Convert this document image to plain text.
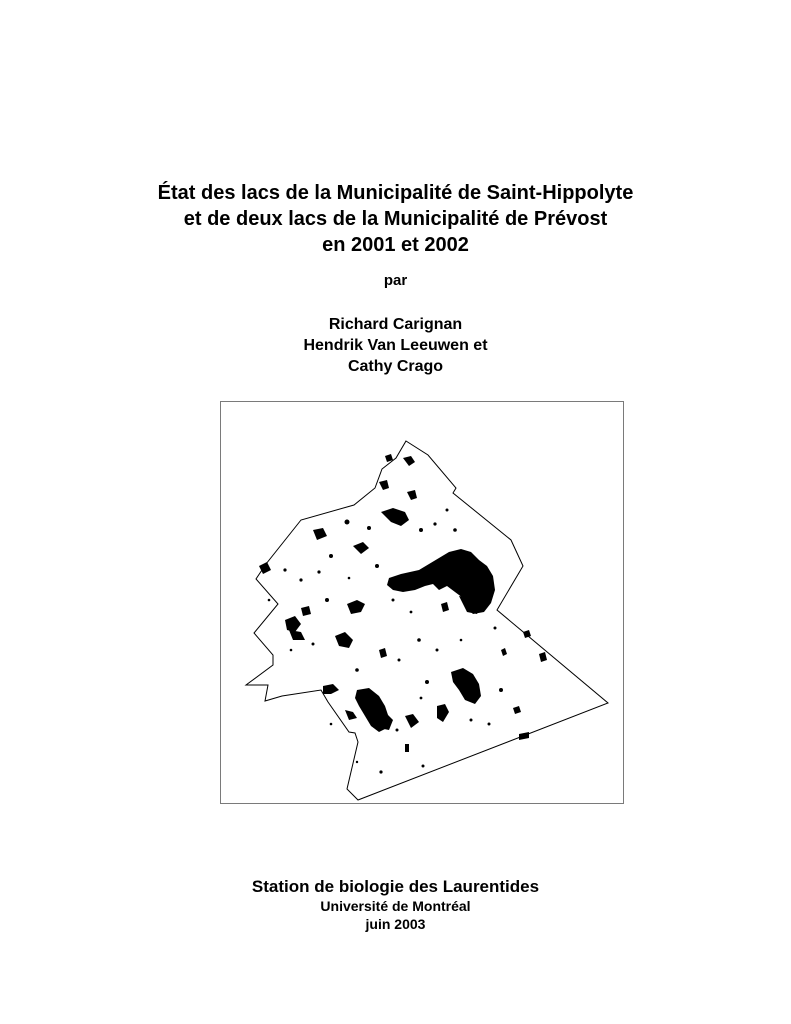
État des lacs de la Municipalité de Saint-Hippolyte
et de deux lacs de la Municipalité de Prévost
en 2001 et 2002
par
Richard Carignan
Hendrik Van Leeuwen et
Cathy Crago
Station de biologie des Laurentides
Université de Montréal
juin 2003
